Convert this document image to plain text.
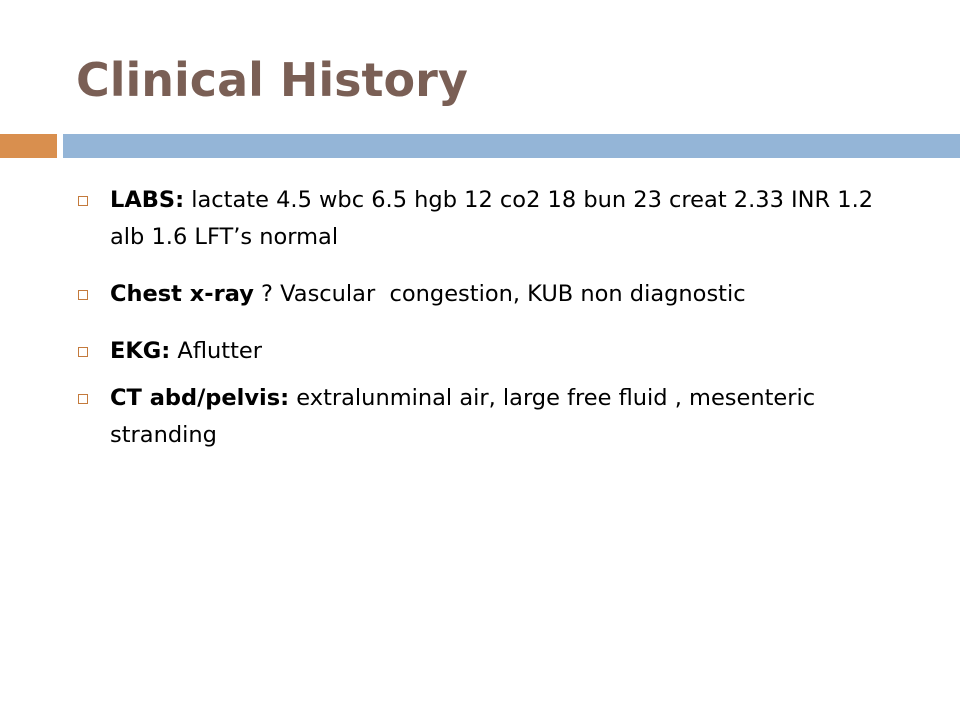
Clinical History
LABS: lactate 4.5 wbc 6.5 hgb 12 co2 18 bun 23 creat 2.33 INR 1.2 alb 1.6 LFT’s normal
Chest x-ray ? Vascular  congestion, KUB non diagnostic
EKG: Aflutter
CT abd/pelvis: extralunminal air, large free fluid , mesenteric stranding
